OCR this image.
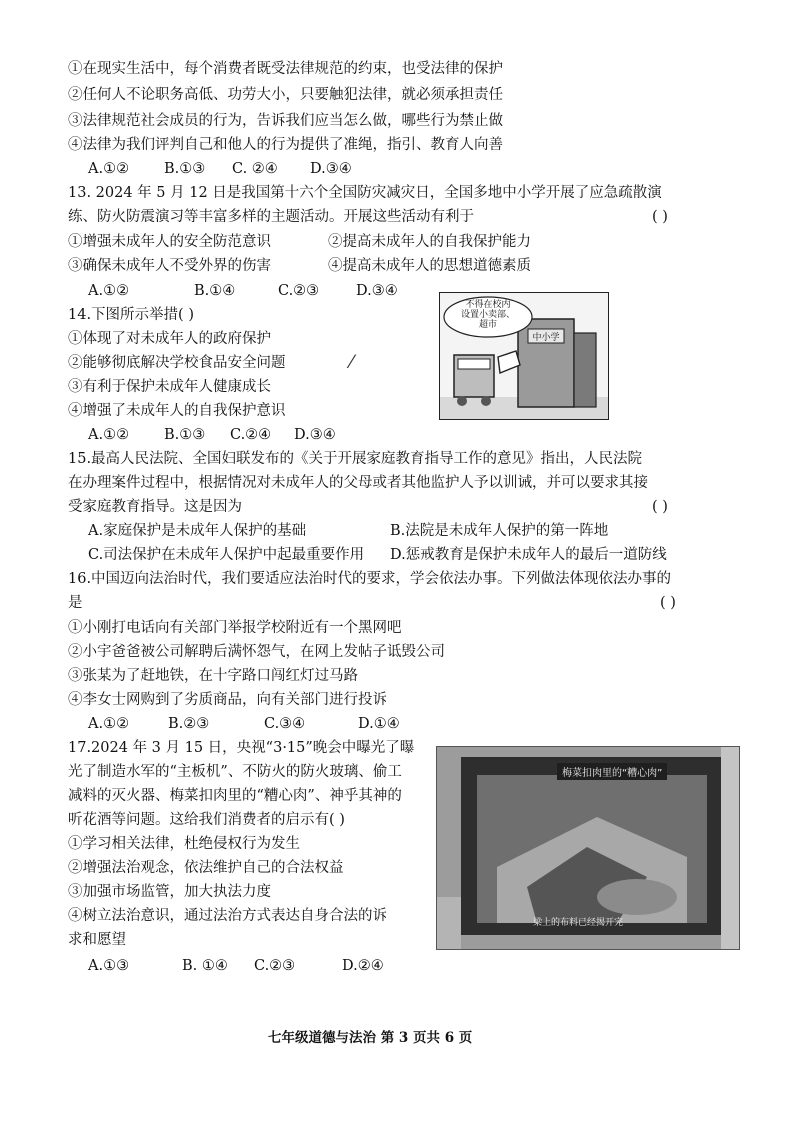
①在现实生活中，每个消费者既受法律规范的约束，也受法律的保护
②任何人不论职务高低、功劳大小，只要触犯法律，就必须承担责任
③法律规范社会成员的行为，告诉我们应当怎么做，哪些行为禁止做
④法律为我们评判自己和他人的行为提供了准绳，指引、教育人向善
A.①② B.①③ C. ②④ D.③④
13. 2024 年 5 月 12 日是我国第十六个全国防灾减灾日，全国多地中小学开展了应急疏散演
练、防火防震演习等丰富多样的主题活动。开展这些活动有利于	( )
①增强未成年人的安全防范意识	②提高未成年人的自我保护能力
③确保未成年人不受外界的伤害	④提高未成年人的思想道德素质
A.①②	B.①④	C.②③	D.③④
14.下图所示举措( )
①体现了对未成年人的政府保护
②能够彻底解决学校食品安全问题
③有利于保护未成年人健康成长
④增强了未成年人的自我保护意识
A.①② B.①③ C.②④ D.③④
⁄
不得在校内
设置小卖部、
超市
中小学
15.最高人民法院、全国妇联发布的《关于开展家庭教育指导工作的意见》指出，人民法院
在办理案件过程中，根据情况对未成年人的父母或者其他监护人予以训诫，并可以要求其接
受家庭教育指导。这是因为	( )
A.家庭保护是未成年人保护的基础	B.法院是未成年人保护的第一阵地
C.司法保护在未成年人保护中起最重要作用 D.惩戒教育是保护未成年人的最后一道防线
16.中国迈向法治时代，我们要适应法治时代的要求，学会依法办事。下列做法体现依法办事的
是	( )
①小刚打电话向有关部门举报学校附近有一个黑网吧
②小宇爸爸被公司解聘后满怀怨气，在网上发帖子诋毁公司
③张某为了赶地铁，在十字路口闯红灯过马路
④李女士网购到了劣质商品，向有关部门进行投诉
A.①②	B.②③	C.③④	D.①④
17.2024 年 3 月 15 日，央视“3·15”晚会中曝光了曝
光了制造水军的“主板机”、不防火的防火玻璃、偷工
减料的灭火器、梅菜扣肉里的“糟心肉”、神乎其神的
听花酒等问题。这给我们消费者的启示有( )
①学习相关法律，杜绝侵权行为发生
②增强法治观念，依法维护自己的合法权益
③加强市场监管，加大执法力度
④树立法治意识，通过法治方式表达自身合法的诉
求和愿望
A.①③	B. ①④ C.②③	D.②④
梅菜扣肉里的“糟心肉”
梁上的布料已经揭开完
七年级道德与法治 第 3 页共 6 页
